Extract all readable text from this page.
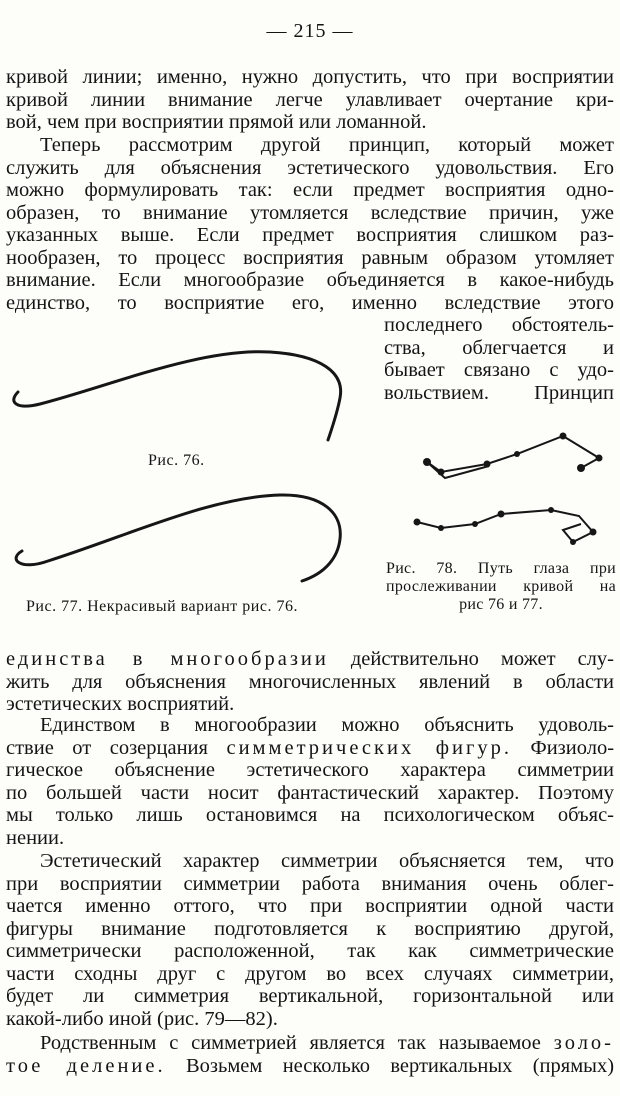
— 215 —
кривой линии; именно, нужно допустить, что при восприятии
кривой линии внимание легче улавливает очертание кри-
вой, чем при восприятии прямой или ломанной.
Теперь рассмотрим другой принцип, который может
служить для объяснения эстетического удовольствия. Его
можно формулировать так: если предмет восприятия одно-
образен, то внимание утомляется вследствие причин, уже
указанных выше. Если предмет восприятия слишком раз-
нообразен, то процесс восприятия равным образом утомляет
внимание. Если многообразие объединяется в какое-нибудь
единство, то восприятие его, именно вследствие этого
последнего обстоятель-
ства, облегчается и
бывает связано с удо-
вольствием. Принцип
Рис. 76.
Рис. 77. Некрасивый вариант рис. 76.
Рис. 78. Путь глаза при
прослеживании кривой на
рис 76 и 77.
единства в многообразии действительно может слу-
жить для объяснения многочисленных явлений в области
эстетических восприятий.
Единством в многообразии можно объяснить удоволь-
ствие от созерцания симметрических фигур. Физиоло-
гическое объяснение эстетического характера симметрии
по большей части носит фантастический характер. Поэтому
мы только лишь остановимся на психологическом объяс-
нении.
Эстетический характер симметрии объясняется тем, что
при восприятии симметрии работа внимания очень облег-
чается именно оттого, что при восприятии одной части
фигуры внимание подготовляется к восприятию другой,
симметрически расположенной, так как симметрические
части сходны друг с другом во всех случаях симметрии,
будет ли симметрия вертикальной, горизонтальной или
какой-либо иной (рис. 79—82).
Родственным с симметрией является так называемое золо-
тое деление. Возьмем несколько вертикальных (прямых)
